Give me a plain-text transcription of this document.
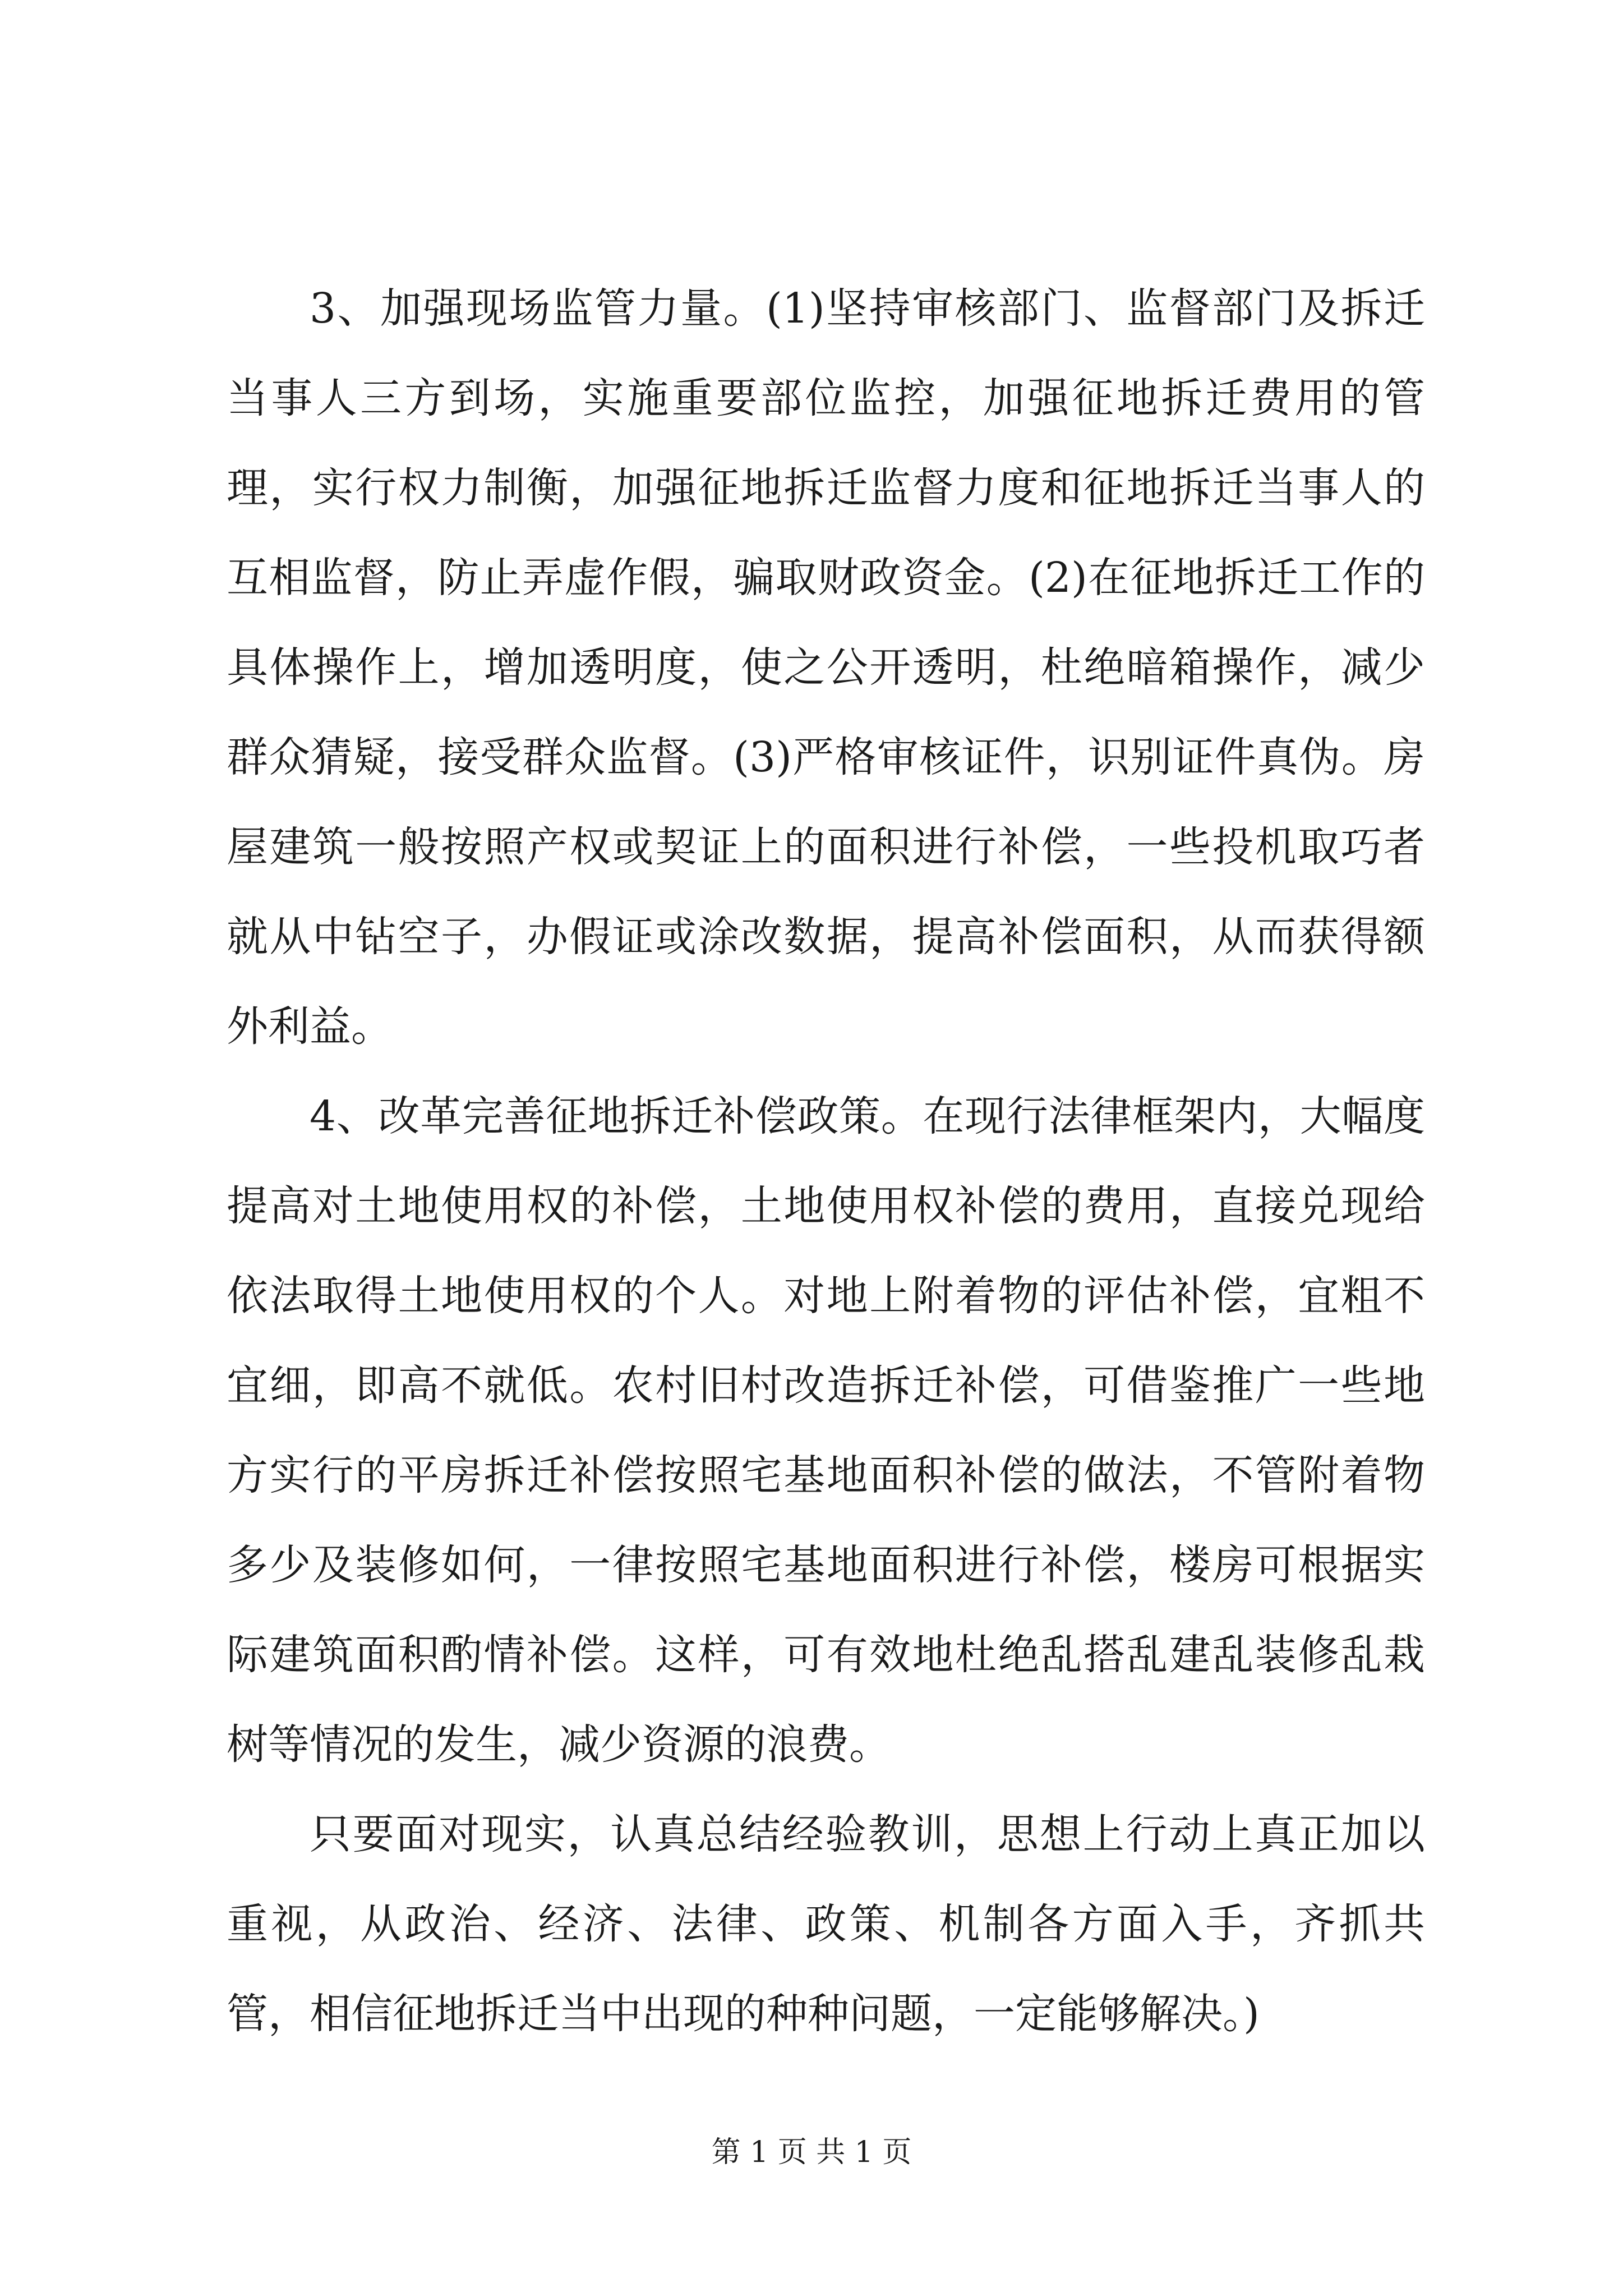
3、加强现场监管力量。(1)坚持审核部门、监督部门及拆迁当事人三方到场，实施重要部位监控，加强征地拆迁费用的管理，实行权力制衡，加强征地拆迁监督力度和征地拆迁当事人的互相监督，防止弄虚作假，骗取财政资金。(2)在征地拆迁工作的具体操作上，增加透明度，使之公开透明，杜绝暗箱操作，减少群众猜疑，接受群众监督。(3)严格审核证件，识别证件真伪。房屋建筑一般按照产权或契证上的面积进行补偿，一些投机取巧者就从中钻空子，办假证或涂改数据，提高补偿面积，从而获得额外利益。

4、改革完善征地拆迁补偿政策。在现行法律框架内，大幅度提高对土地使用权的补偿，土地使用权补偿的费用，直接兑现给依法取得土地使用权的个人。对地上附着物的评估补偿，宜粗不宜细，即高不就低。农村旧村改造拆迁补偿，可借鉴推广一些地方实行的平房拆迁补偿按照宅基地面积补偿的做法，不管附着物多少及装修如何，一律按照宅基地面积进行补偿，楼房可根据实际建筑面积酌情补偿。这样，可有效地杜绝乱搭乱建乱装修乱栽树等情况的发生，减少资源的浪费。

只要面对现实，认真总结经验教训，思想上行动上真正加以重视，从政治、经济、法律、政策、机制各方面入手，齐抓共管，相信征地拆迁当中出现的种种问题，一定能够解决。)

第 1 页 共 1 页
